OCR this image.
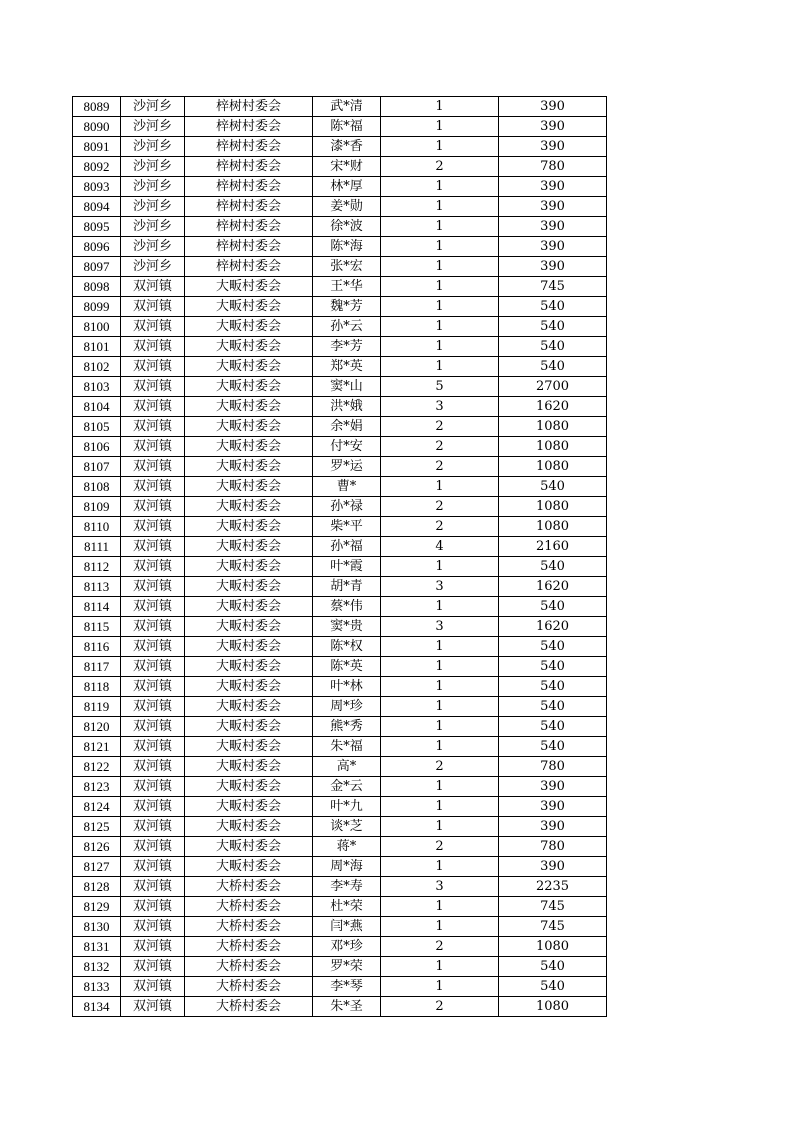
8089	沙河乡	梓树村委会	武*清	1	390
8090	沙河乡	梓树村委会	陈*福	1	390
8091	沙河乡	梓树村委会	漆*香	1	390
8092	沙河乡	梓树村委会	宋*财	2	780
8093	沙河乡	梓树村委会	林*厚	1	390
8094	沙河乡	梓树村委会	姜*勋	1	390
8095	沙河乡	梓树村委会	徐*波	1	390
8096	沙河乡	梓树村委会	陈*海	1	390
8097	沙河乡	梓树村委会	张*宏	1	390
8098	双河镇	大畈村委会	王*华	1	745
8099	双河镇	大畈村委会	魏*芳	1	540
8100	双河镇	大畈村委会	孙*云	1	540
8101	双河镇	大畈村委会	李*芳	1	540
8102	双河镇	大畈村委会	郑*英	1	540
8103	双河镇	大畈村委会	窦*山	5	2700
8104	双河镇	大畈村委会	洪*娥	3	1620
8105	双河镇	大畈村委会	余*娟	2	1080
8106	双河镇	大畈村委会	付*安	2	1080
8107	双河镇	大畈村委会	罗*运	2	1080
8108	双河镇	大畈村委会	曹*	1	540
8109	双河镇	大畈村委会	孙*禄	2	1080
8110	双河镇	大畈村委会	柴*平	2	1080
8111	双河镇	大畈村委会	孙*福	4	2160
8112	双河镇	大畈村委会	叶*霞	1	540
8113	双河镇	大畈村委会	胡*青	3	1620
8114	双河镇	大畈村委会	蔡*伟	1	540
8115	双河镇	大畈村委会	窦*贵	3	1620
8116	双河镇	大畈村委会	陈*权	1	540
8117	双河镇	大畈村委会	陈*英	1	540
8118	双河镇	大畈村委会	叶*林	1	540
8119	双河镇	大畈村委会	周*珍	1	540
8120	双河镇	大畈村委会	熊*秀	1	540
8121	双河镇	大畈村委会	朱*福	1	540
8122	双河镇	大畈村委会	高*	2	780
8123	双河镇	大畈村委会	金*云	1	390
8124	双河镇	大畈村委会	叶*九	1	390
8125	双河镇	大畈村委会	谈*芝	1	390
8126	双河镇	大畈村委会	蒋*	2	780
8127	双河镇	大畈村委会	周*海	1	390
8128	双河镇	大桥村委会	李*寿	3	2235
8129	双河镇	大桥村委会	杜*荣	1	745
8130	双河镇	大桥村委会	闫*燕	1	745
8131	双河镇	大桥村委会	邓*珍	2	1080
8132	双河镇	大桥村委会	罗*荣	1	540
8133	双河镇	大桥村委会	李*琴	1	540
8134	双河镇	大桥村委会	朱*圣	2	1080
